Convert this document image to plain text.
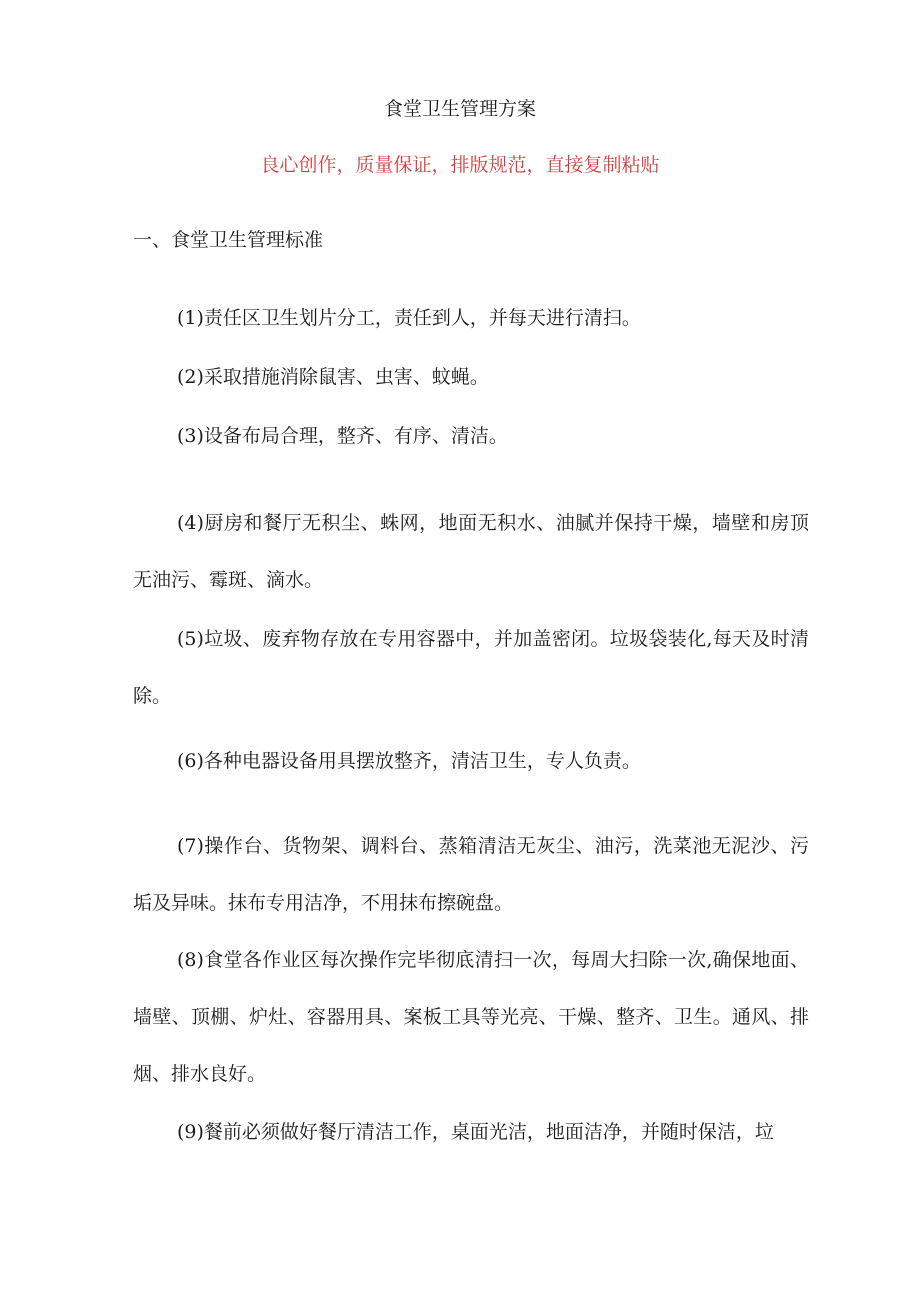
食堂卫生管理方案
良心创作，质量保证，排版规范，直接复制粘贴
一、食堂卫生管理标准

(1)责任区卫生划片分工，责任到人，并每天进行清扫。

(2)采取措施消除鼠害、虫害、蚊蝇。

(3)设备布局合理，整齐、有序、清洁。

(4)厨房和餐厅无积尘、蛛网，地面无积水、油腻并保持干燥，墙壁和房顶无油污、霉斑、滴水。

(5)垃圾、废弃物存放在专用容器中，并加盖密闭。垃圾袋装化,每天及时清除。

(6)各种电器设备用具摆放整齐，清洁卫生，专人负责。

(7)操作台、货物架、调料台、蒸箱清洁无灰尘、油污，洗菜池无泥沙、污垢及异味。抹布专用洁净，不用抹布擦碗盘。

(8)食堂各作业区每次操作完毕彻底清扫一次，每周大扫除一次,确保地面、墙壁、顶棚、炉灶、容器用具、案板工具等光亮、干燥、整齐、卫生。通风、排烟、排水良好。

(9)餐前必须做好餐厅清洁工作，桌面光洁，地面洁净，并随时保洁，垃
